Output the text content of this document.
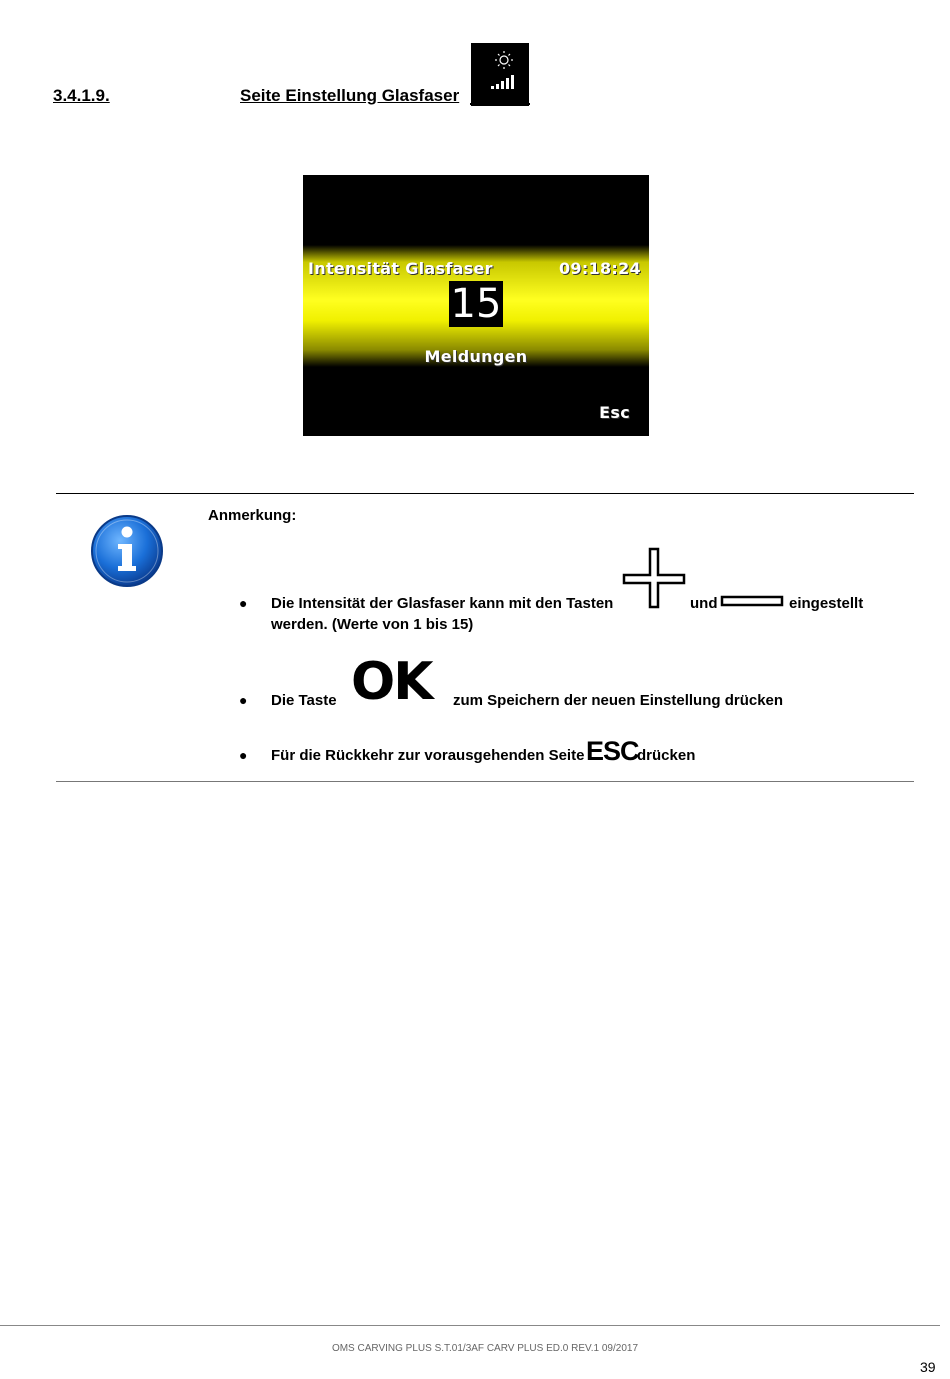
3.4.1.9.	Seite Einstellung Glasfaser
Intensität Glasfaser	09:18:24
15
Meldungen
Esc
Anmerkung:
● Die Intensität der Glasfaser kann mit den Tasten	und	eingestellt
werden. (Werte von 1 bis 15)
● Die Taste OK zum Speichern der neuen Einstellung drücken
● Für die Rückkehr zur vorausgehenden Seite ESC
drücken
OMS CARVING PLUS S.T.01/3AF CARV PLUS ED.0 REV.1 09/2017
39
